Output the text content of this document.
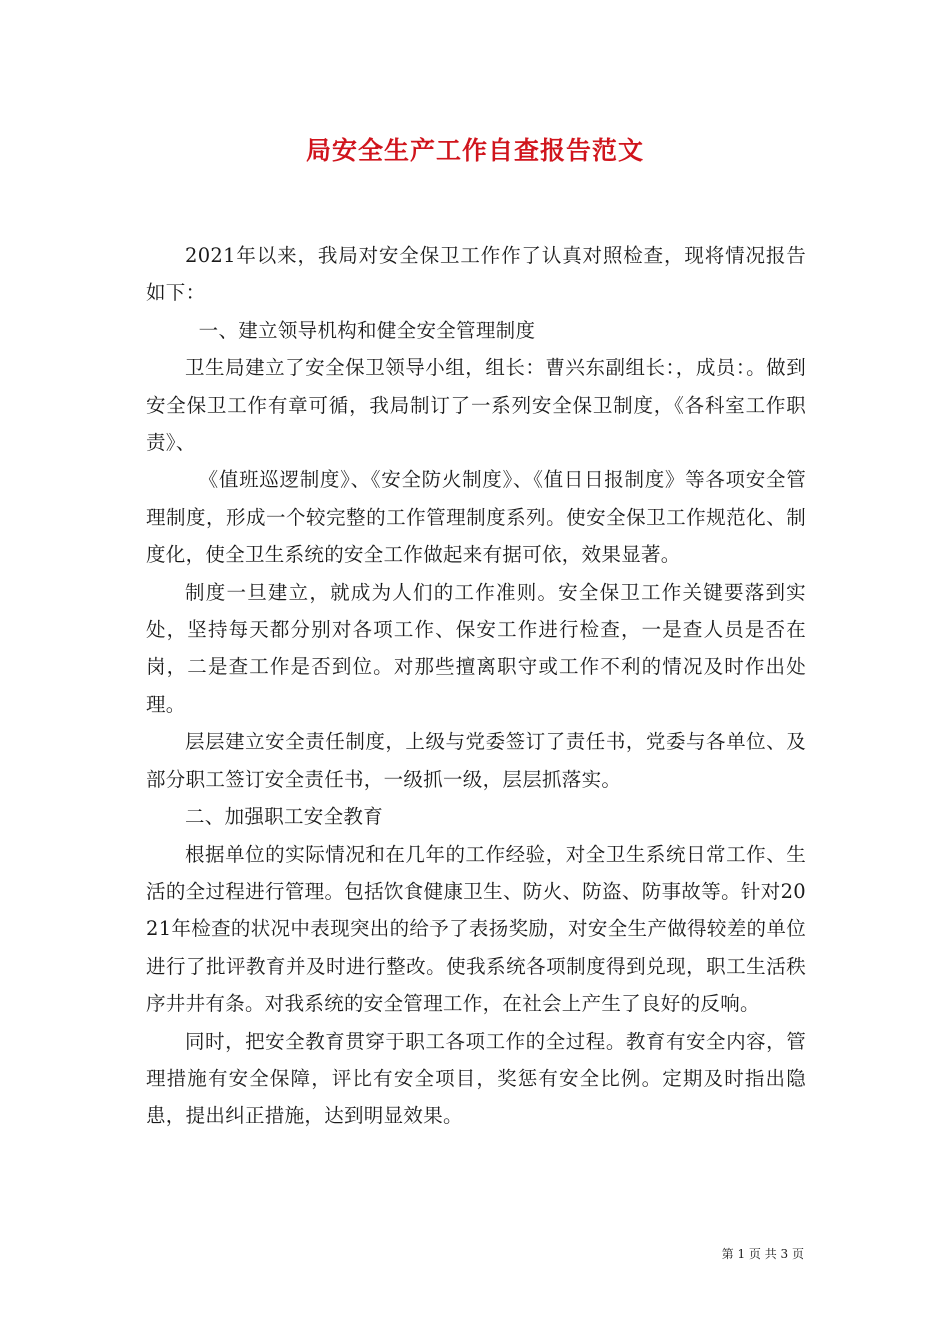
局安全生产工作自查报告范文

2021年以来，我局对安全保卫工作作了认真对照检查，现将情况报告如下：

一、建立领导机构和健全安全管理制度

卫生局建立了安全保卫领导小组，组长：曹兴东副组长：，成员：。做到安全保卫工作有章可循，我局制订了一系列安全保卫制度，《各科室工作职责》、

《值班巡逻制度》、《安全防火制度》、《值日日报制度》等各项安全管理制度，形成一个较完整的工作管理制度系列。使安全保卫工作规范化、制度化，使全卫生系统的安全工作做起来有据可依，效果显著。

制度一旦建立，就成为人们的工作准则。安全保卫工作关键要落到实处，坚持每天都分别对各项工作、保安工作进行检查，一是查人员是否在岗，二是查工作是否到位。对那些擅离职守或工作不利的情况及时作出处理。

层层建立安全责任制度，上级与党委签订了责任书，党委与各单位、及部分职工签订安全责任书，一级抓一级，层层抓落实。

二、加强职工安全教育

根据单位的实际情况和在几年的工作经验，对全卫生系统日常工作、生活的全过程进行管理。包括饮食健康卫生、防火、防盗、防事故等。针对2021年检查的状况中表现突出的给予了表扬奖励，对安全生产做得较差的单位进行了批评教育并及时进行整改。使我系统各项制度得到兑现，职工生活秩序井井有条。对我系统的安全管理工作，在社会上产生了良好的反响。

同时，把安全教育贯穿于职工各项工作的全过程。教育有安全内容，管理措施有安全保障，评比有安全项目，奖惩有安全比例。定期及时指出隐患，提出纠正措施，达到明显效果。

第 1 页 共 3 页
